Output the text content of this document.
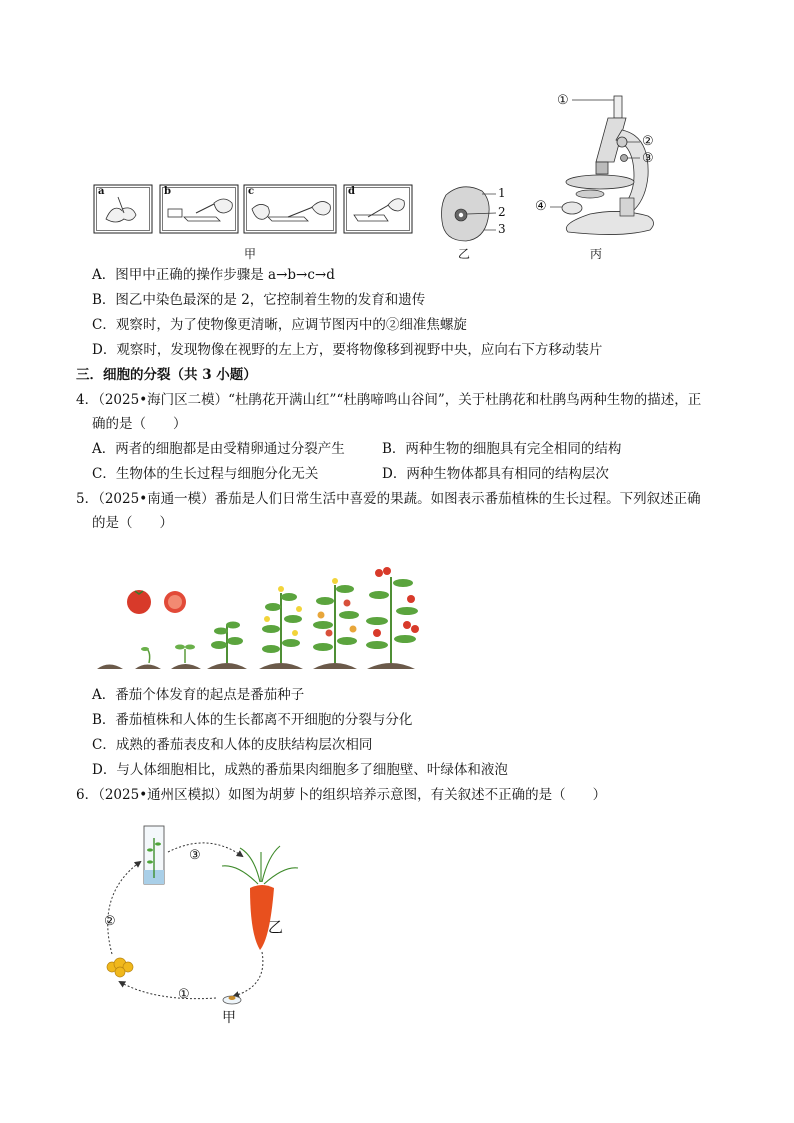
a	b	c	d
甲
1
2
3
乙
①
②
③
④
丙
A．图甲中正确的操作步骤是 a→b→c→d
B．图乙中染色最深的是 2，它控制着生物的发育和遗传
C．观察时，为了使物像更清晰，应调节图丙中的②细准焦螺旋
D．观察时，发现物像在视野的左上方，要将物像移到视野中央，应向右下方移动装片
三．细胞的分裂（共 3 小题）
4．（2025•海门区二模）“杜鹃花开满山红”“杜鹃啼鸣山谷间”，关于杜鹃花和杜鹃鸟两种生物的描述，正
确的是（　　）
A．两者的细胞都是由受精卵通过分裂产生	B．两种生物的细胞具有完全相同的结构
C．生物体的生长过程与细胞分化无关	D．两种生物体都具有相同的结构层次
5．（2025•南通一模）番茄是人们日常生活中喜爱的果蔬。如图表示番茄植株的生长过程。下列叙述正确
的是（　　）
A．番茄个体发育的起点是番茄种子
B．番茄植株和人体的生长都离不开细胞的分裂与分化
C．成熟的番茄表皮和人体的皮肤结构层次相同
D．与人体细胞相比，成熟的番茄果肉细胞多了细胞壁、叶绿体和液泡
6．（2025•通州区模拟）如图为胡萝卜的组织培养示意图，有关叙述不正确的是（　　）
③
②
①
乙
甲
